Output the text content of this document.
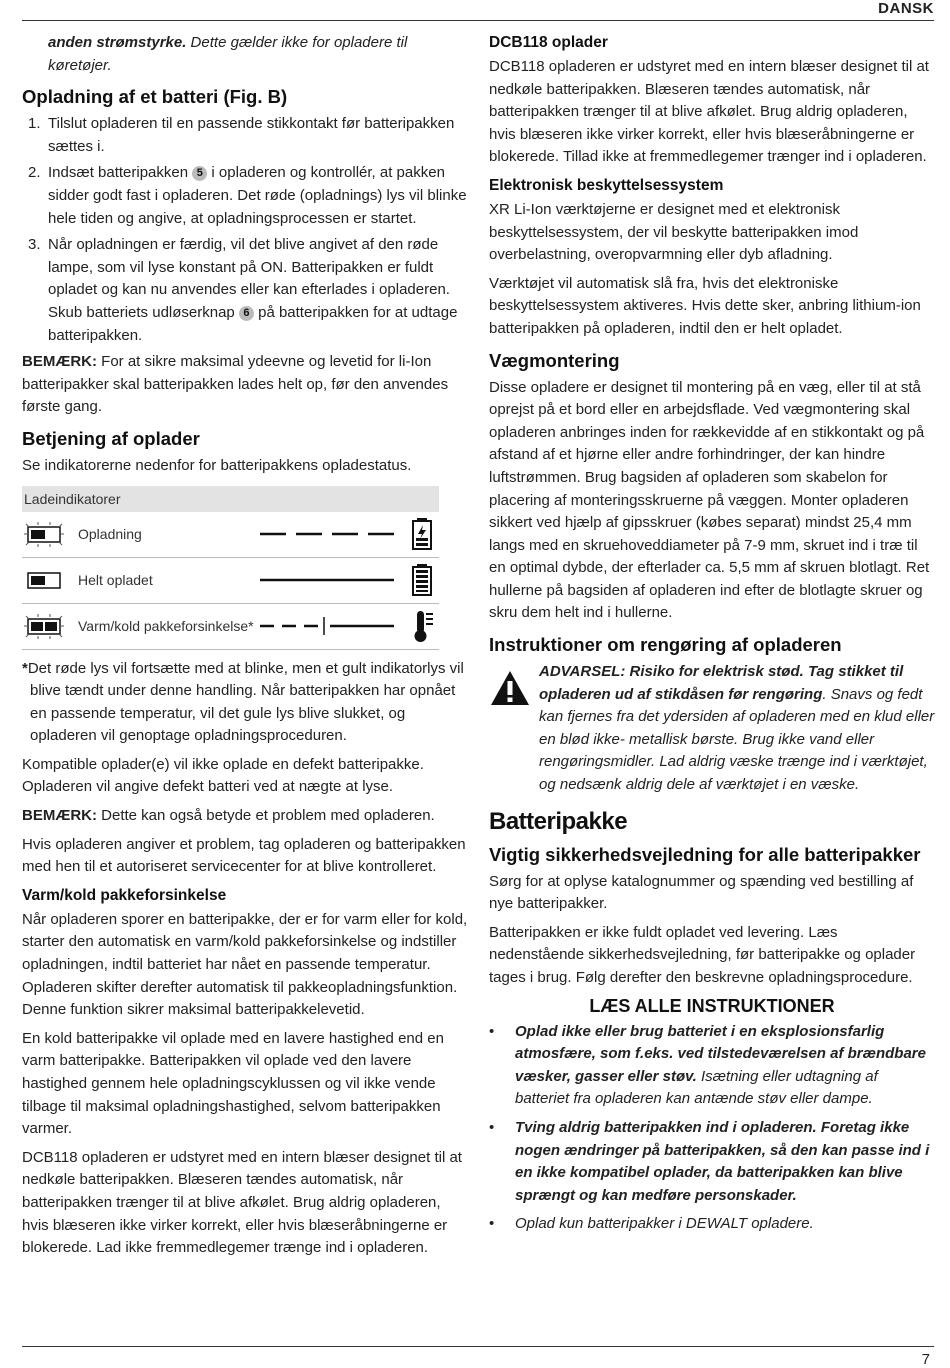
DANSK

anden strømstyrke. Dette gælder ikke for opladere til køretøjer.

Opladning af et batteri (Fig. B)
1. Tilslut opladeren til en passende stikkontakt før batteripakken sættes i.
2. Indsæt batteripakken 5 i opladeren og kontrollér, at pakken sidder godt fast i opladeren. Det røde (opladnings) lys vil blinke hele tiden og angive, at opladningsprocessen er startet.
3. Når opladningen er færdig, vil det blive angivet af den røde lampe, som vil lyse konstant på ON. Batteripakken er fuldt opladet og kan nu anvendes eller kan efterlades i opladeren. Skub batteriets udløserknap 6 på batteripakken for at udtage batteripakken.

BEMÆRK: For at sikre maksimal ydeevne og levetid for li-Ion batteripakker skal batteripakken lades helt op, før den anvendes første gang.

Betjening af oplader

Se indikatorerne nedenfor for batteripakkens opladestatus.

Ladeindikatorer
Opladning
Helt opladet
Varm/kold pakkeforsinkelse*

*Det røde lys vil fortsætte med at blinke, men et gult indikatorlys vil blive tændt under denne handling. Når batteripakken har opnået en passende temperatur, vil det gule lys blive slukket, og opladeren vil genoptage opladningsproceduren.

Kompatible oplader(e) vil ikke oplade en defekt batteripakke. Opladeren vil angive defekt batteri ved at nægte at lyse.

BEMÆRK: Dette kan også betyde et problem med opladeren.

Hvis opladeren angiver et problem, tag opladeren og batteripakken med hen til et autoriseret servicecenter for at blive kontrolleret.

Varm/kold pakkeforsinkelse

Når opladeren sporer en batteripakke, der er for varm eller for kold, starter den automatisk en varm/kold pakkeforsinkelse og indstiller opladningen, indtil batteriet har nået en passende temperatur. Opladeren skifter derefter automatisk til pakkeopladningsfunktion. Denne funktion sikrer maksimal batteripakkelevetid.

En kold batteripakke vil oplade med en lavere hastighed end en varm batteripakke. Batteripakken vil oplade ved den lavere hastighed gennem hele opladningscyklussen og vil ikke vende tilbage til maksimal opladningshastighed, selvom batteripakken varmer.

DCB118 opladeren er udstyret med en intern blæser designet til at nedkøle batteripakken. Blæseren tændes automatisk, når batteripakken trænger til at blive afkølet. Brug aldrig opladeren, hvis blæseren ikke virker korrekt, eller hvis blæseråbningerne er blokerede. Lad ikke fremmedlegemer trænge ind i opladeren.

DCB118 oplader

DCB118 opladeren er udstyret med en intern blæser designet til at nedkøle batteripakken. Blæseren tændes automatisk, når batteripakken trænger til at blive afkølet. Brug aldrig opladeren, hvis blæseren ikke virker korrekt, eller hvis blæseråbningerne er blokerede. Tillad ikke at fremmedlegemer trænger ind i opladeren.

Elektronisk beskyttelsessystem

XR Li-Ion værktøjerne er designet med et elektronisk beskyttelsessystem, der vil beskytte batteripakken imod overbelastning, overopvarmning eller dyb afladning.

Værktøjet vil automatisk slå fra, hvis det elektroniske beskyttelsessystem aktiveres. Hvis dette sker, anbring lithium-ion batteripakken på opladeren, indtil den er helt opladet.

Vægmontering

Disse opladere er designet til montering på en væg, eller til at stå oprejst på et bord eller en arbejdsflade. Ved vægmontering skal opladeren anbringes inden for rækkevidde af en stikkontakt og på afstand af et hjørne eller andre forhindringer, der kan hindre luftstrømmen. Brug bagsiden af opladeren som skabelon for placering af monteringsskruerne på væggen. Monter opladeren sikkert ved hjælp af gipsskruer (købes separat) mindst 25,4 mm langs med en skruehoveddiameter på 7-9 mm, skruet ind i træ til en optimal dybde, der efterlader ca. 5,5 mm af skruen blotlagt. Ret hullerne på bagsiden af opladeren ind efter de blotlagte skruer og skru dem helt ind i hullerne.

Instruktioner om rengøring af opladeren
ADVARSEL: Risiko for elektrisk stød. Tag stikket til opladeren ud af stikdåsen før rengøring. Snavs og fedt kan fjernes fra det ydersiden af opladeren med en klud eller en blød ikke- metallisk børste. Brug ikke vand eller rengøringsmidler. Lad aldrig væske trænge ind i værktøjet, og nedsænk aldrig dele af værktøjet i en væske.
Batteripakke
Vigtig sikkerhedsvejledning for alle batteripakker

Sørg for at oplyse katalognummer og spænding ved bestilling af nye batteripakker.

Batteripakken er ikke fuldt opladet ved levering. Læs nedenstående sikkerhedsvejledning, før batteripakke og oplader tages i brug. Følg derefter den beskrevne opladningsprocedure.

LÆS ALLE INSTRUKTIONER
• Oplad ikke eller brug batteriet i en eksplosionsfarlig atmosfære, som f.eks. ved tilstedeværelsen af brændbare væsker, gasser eller støv. Isætning eller udtagning af batteriet fra opladeren kan antænde støv eller dampe.
• Tving aldrig batteripakken ind i opladeren. Foretag ikke nogen ændringer på batteripakken, så den kan passe ind i en ikke kompatibel oplader, da batteripakken kan blive sprængt og kan medføre personskader.
• Oplad kun batteripakker i DEWALT opladere.
7
